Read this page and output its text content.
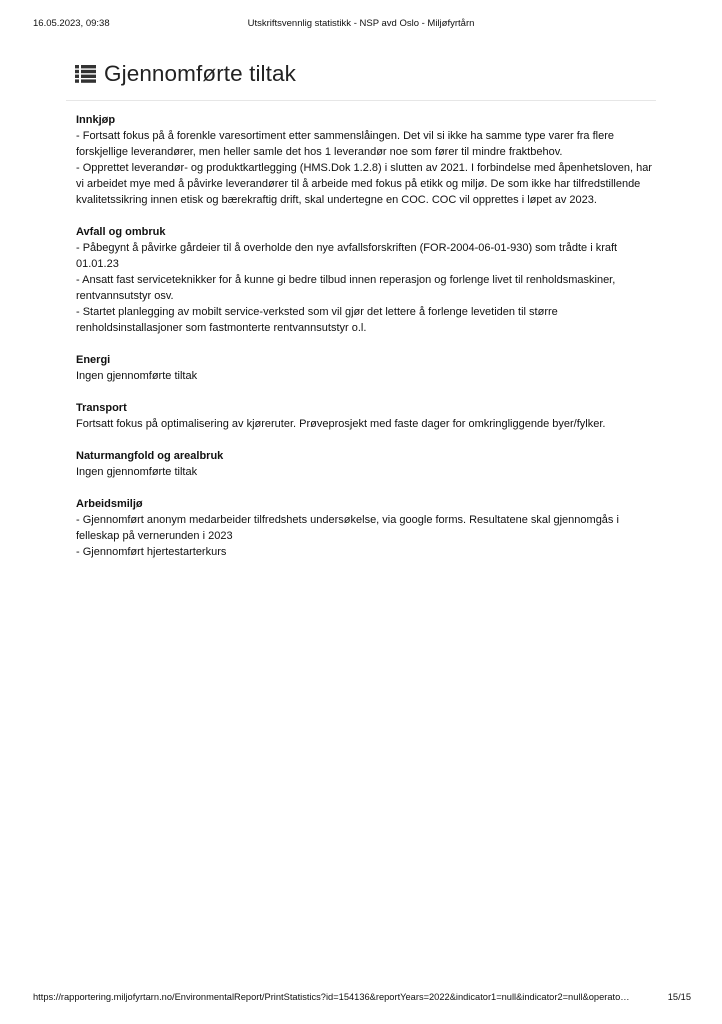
16.05.2023, 09:38	Utskriftsvennlig statistikk - NSP avd Oslo - Miljøfyrtårn
Gjennomførte tiltak
Innkjøp
- Fortsatt fokus på å forenkle varesortiment etter sammenslåingen. Det vil si ikke ha samme type varer fra flere forskjellige leverandører, men heller samle det hos 1 leverandør noe som fører til mindre fraktbehov.
- Opprettet leverandør- og produktkartlegging (HMS.Dok 1.2.8) i slutten av 2021. I forbindelse med åpenhetsloven, har vi arbeidet mye med å påvirke leverandører til å arbeide med fokus på etikk og miljø. De som ikke har tilfredstillende kvalitetssikring innen etisk og bærekraftig drift, skal undertegne en COC. COC vil opprettes i løpet av 2023.
Avfall og ombruk
- Påbegynt å påvirke gårdeier til å overholde den nye avfallsforskriften (FOR-2004-06-01-930) som trådte i kraft 01.01.23
- Ansatt fast serviceteknikker for å kunne gi bedre tilbud innen reperasjon og forlenge livet til renholdsmaskiner, rentvannsutstyr osv.
- Startet planlegging av mobilt service-verksted som vil gjør det lettere å forlenge levetiden til større renholdsinstallasjoner som fastmonterte rentvannsutstyr o.l.
Energi
Ingen gjennomførte tiltak
Transport
Fortsatt fokus på optimalisering av kjøreruter. Prøveprosjekt med faste dager for omkringliggende byer/fylker.
Naturmangfold og arealbruk
Ingen gjennomførte tiltak
Arbeidsmiljø
- Gjennomført anonym medarbeider tilfredshets undersøkelse, via google forms. Resultatene skal gjennomgås i felleskap på vernerunden i 2023
- Gjennomført hjertestarterkurs
https://rapportering.miljofyrtarn.no/EnvironmentalReport/PrintStatistics?id=154136&reportYears=2022&indicator1=null&indicator2=null&operato…	15/15
